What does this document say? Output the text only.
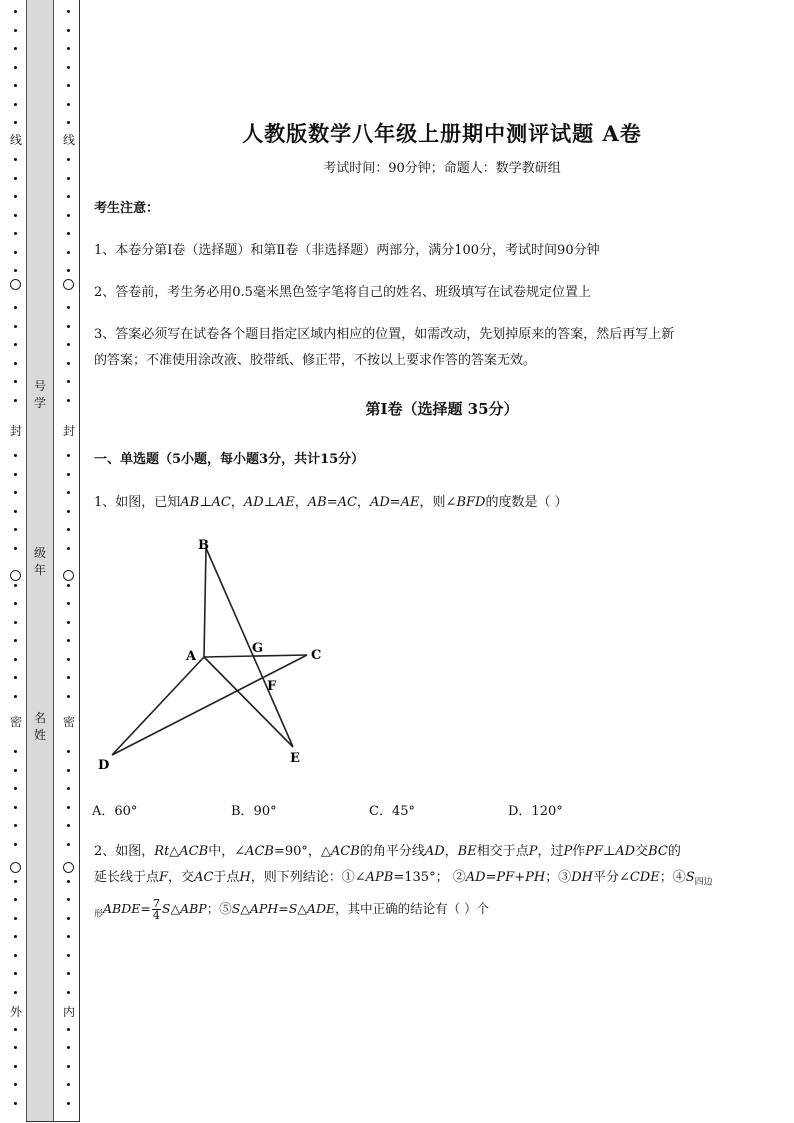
线
封
密
外
线
封
密
内
号学
级年
名姓
人教版数学八年级上册期中测评试题 A卷
考试时间：90分钟；命题人：数学教研组
考生注意：
1、本卷分第I卷（选择题）和第Ⅱ卷（非选择题）两部分，满分100分，考试时间90分钟
2、答卷前，考生务必用0.5毫米黑色签字笔将自己的姓名、班级填写在试卷规定位置上
3、答案必须写在试卷各个题目指定区域内相应的位置，如需改动，先划掉原来的答案，然后再写上新
的答案；不准使用涂改液、胶带纸、修正带，不按以上要求作答的答案无效。
第I卷（选择题 35分）
一、单选题（5小题，每小题3分，共计15分）
1、如图，已知AB⊥AC，AD⊥AE，AB=AC，AD=AE，则∠BFD的度数是（ ）
B
A
G	C
F
D	E
A．60°	B．90°	C．45°	D．120°
2、如图，Rt△ACB中，∠ACB=90°，△ACB的角平分线AD，BE相交于点P，过P作PF⊥AD交BC的
延长线于点F，交AC于点H，则下列结论：①∠APB=135°； ②AD=PF+PH；③DH平分∠CDE；$④S_{四边}$
$_形$ABDE= $\frac{7}{4}$ S△ABP；⑤S△APH=S△ADE，其中正确的结论有（ ）个
